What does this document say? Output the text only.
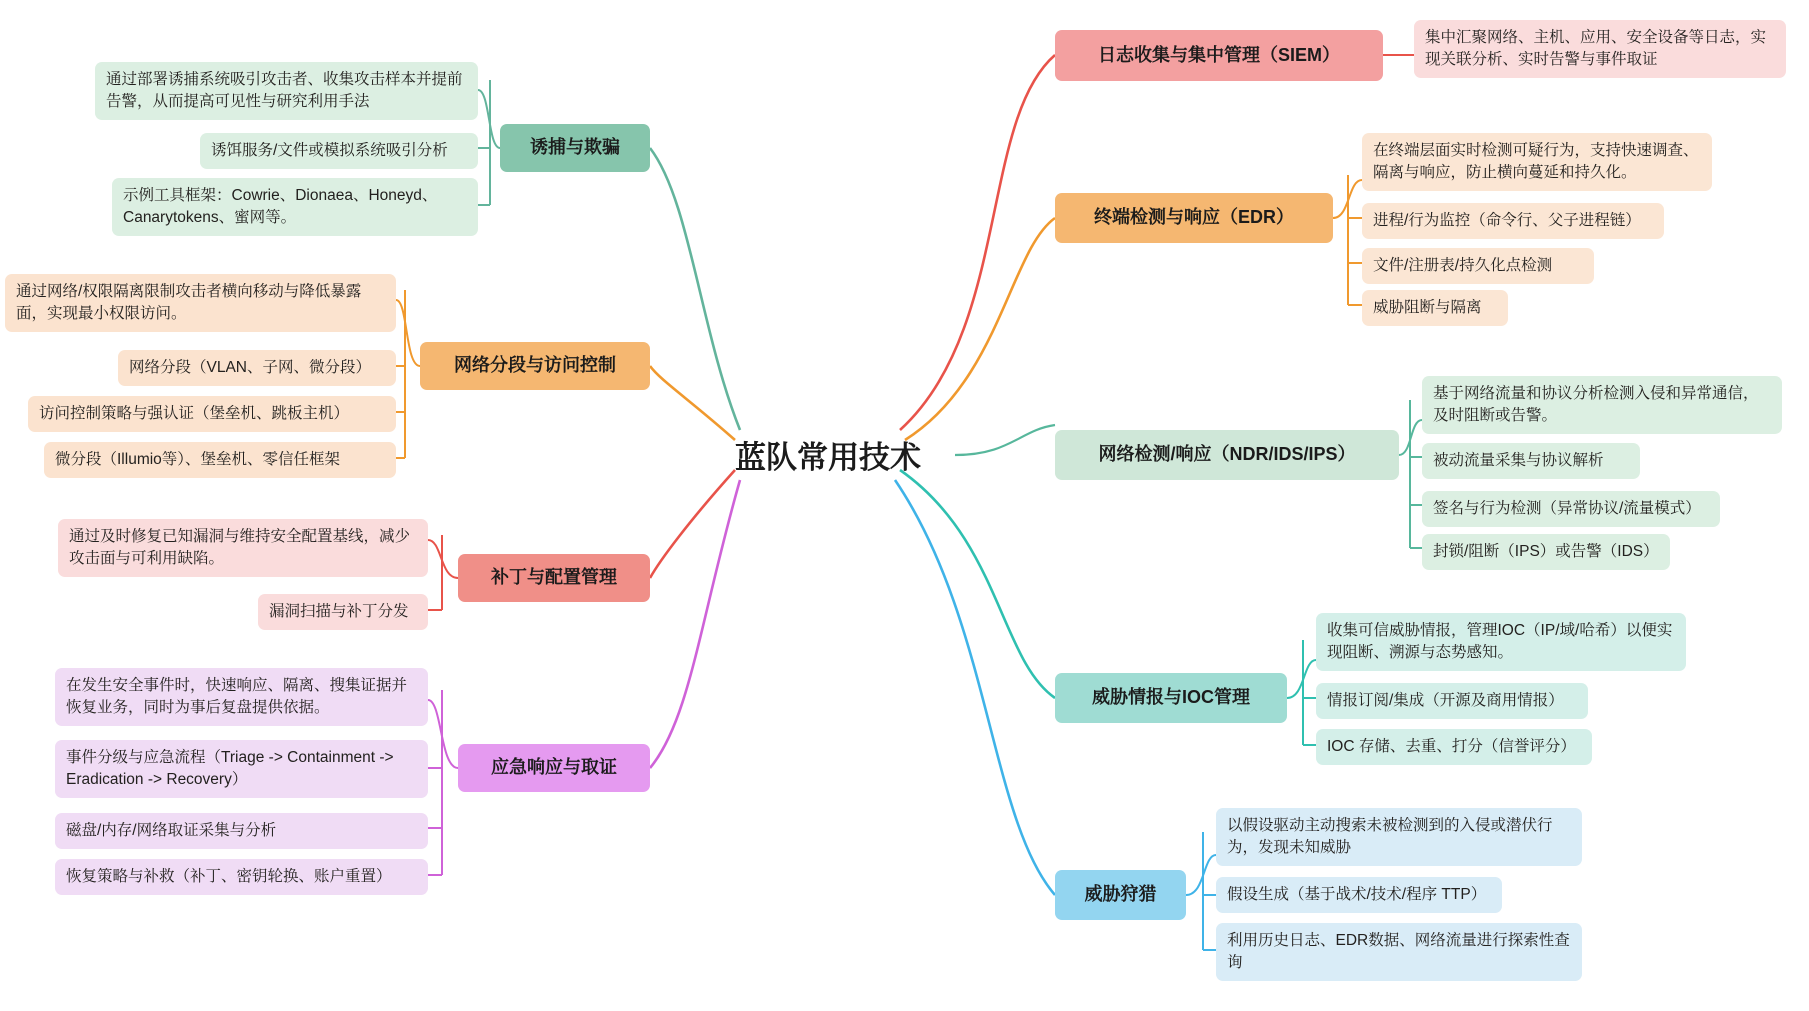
蓝队常用技术
日志收集与集中管理（SIEM）
集中汇聚网络、主机、应用、安全设备等日志，实现关联分析、实时告警与事件取证
终端检测与响应（EDR）
在终端层面实时检测可疑行为，支持快速调查、隔离与响应，防止横向蔓延和持久化。
进程/行为监控（命令行、父子进程链）
文件/注册表/持久化点检测
威胁阻断与隔离
网络检测/响应（NDR/IDS/IPS）
基于网络流量和协议分析检测入侵和异常通信，及时阻断或告警。
被动流量采集与协议解析
签名与行为检测（异常协议/流量模式）
封锁/阻断（IPS）或告警（IDS）
威胁情报与IOC管理
收集可信威胁情报，管理IOC（IP/域/哈希）以便实现阻断、溯源与态势感知。
情报订阅/集成（开源及商用情报）
IOC 存储、去重、打分（信誉评分）
威胁狩猎
以假设驱动主动搜索未被检测到的入侵或潜伏行为，发现未知威胁
假设生成（基于战术/技术/程序 TTP）
利用历史日志、EDR数据、网络流量进行探索性查询
诱捕与欺骗
通过部署诱捕系统吸引攻击者、收集攻击样本并提前告警，从而提高可见性与研究利用手法
诱饵服务/文件或模拟系统吸引分析
示例工具框架：Cowrie、Dionaea、Honeyd、Canarytokens、蜜网等。
网络分段与访问控制
通过网络/权限隔离限制攻击者横向移动与降低暴露面，实现最小权限访问。
网络分段（VLAN、子网、微分段）
访问控制策略与强认证（堡垒机、跳板主机）
微分段（Illumio等）、堡垒机、零信任框架
补丁与配置管理
通过及时修复已知漏洞与维持安全配置基线，减少攻击面与可利用缺陷。
漏洞扫描与补丁分发
应急响应与取证
在发生安全事件时，快速响应、隔离、搜集证据并恢复业务，同时为事后复盘提供依据。
事件分级与应急流程（Triage -> Containment -> Eradication -> Recovery）
磁盘/内存/网络取证采集与分析
恢复策略与补救（补丁、密钥轮换、账户重置）
